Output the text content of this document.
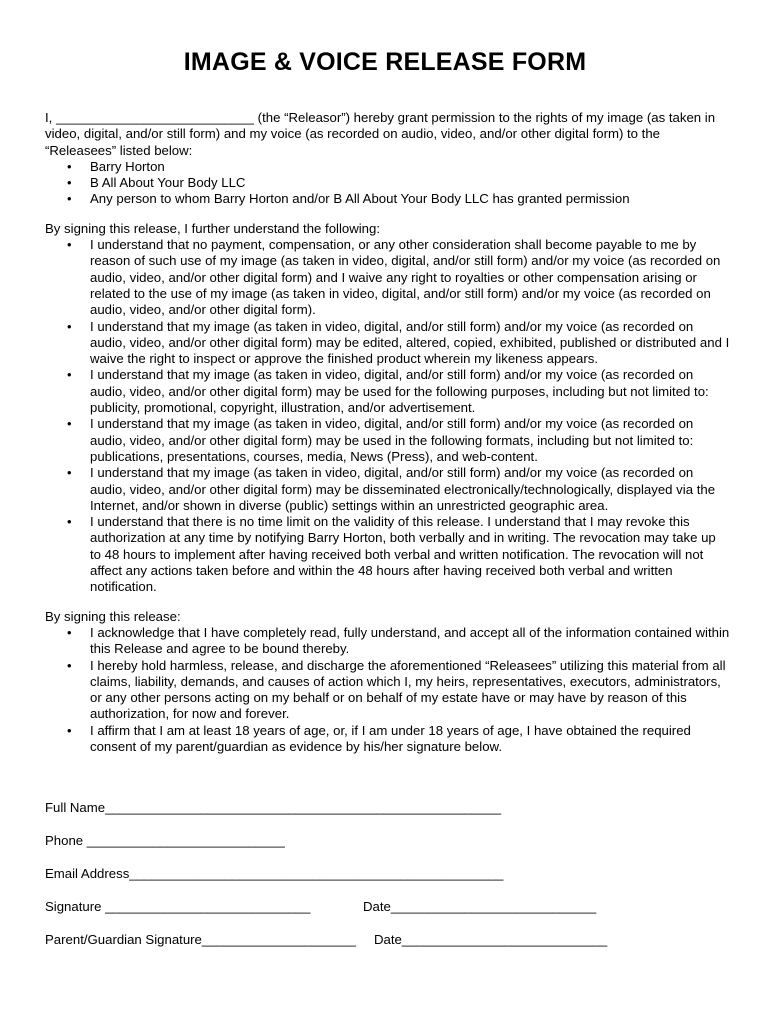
IMAGE & VOICE RELEASE FORM

I, ___________________________ (the “Releasor”) hereby grant permission to the rights of my image (as taken in video, digital, and/or still form) and my voice (as recorded on audio, video, and/or other digital form) to the “Releasees” listed below:

• Barry Horton
• B All About Your Body LLC
• Any person to whom Barry Horton and/or B All About Your Body LLC has granted permission

By signing this release, I further understand the following:

• I understand that no payment, compensation, or any other consideration shall become payable to me by reason of such use of my image (as taken in video, digital, and/or still form) and/or my voice (as recorded on audio, video, and/or other digital form) and I waive any right to royalties or other compensation arising or related to the use of my image (as taken in video, digital, and/or still form) and/or my voice (as recorded on audio, video, and/or other digital form).
• I understand that my image (as taken in video, digital, and/or still form) and/or my voice (as recorded on audio, video, and/or other digital form) may be edited, altered, copied, exhibited, published or distributed and I waive the right to inspect or approve the finished product wherein my likeness appears.
• I understand that my image (as taken in video, digital, and/or still form) and/or my voice (as recorded on audio, video, and/or other digital form) may be used for the following purposes, including but not limited to: publicity, promotional, copyright, illustration, and/or advertisement.
• I understand that my image (as taken in video, digital, and/or still form) and/or my voice (as recorded on audio, video, and/or other digital form) may be used in the following formats, including but not limited to: publications, presentations, courses, media, News (Press), and web-content.
• I understand that my image (as taken in video, digital, and/or still form) and/or my voice (as recorded on audio, video, and/or other digital form) may be disseminated electronically/technologically, displayed via the Internet, and/or shown in diverse (public) settings within an unrestricted geographic area.
• I understand that there is no time limit on the validity of this release. I understand that I may revoke this authorization at any time by notifying Barry Horton, both verbally and in writing. The revocation may take up to 48 hours to implement after having received both verbal and written notification. The revocation will not affect any actions taken before and within the 48 hours after having received both verbal and written notification.

By signing this release:

• I acknowledge that I have completely read, fully understand, and accept all of the information contained within this Release and agree to be bound thereby.
• I hereby hold harmless, release, and discharge the aforementioned “Releasees” utilizing this material from all claims, liability, demands, and causes of action which I, my heirs, representatives, executors, administrators, or any other persons acting on my behalf or on behalf of my estate have or may have by reason of this authorization, for now and forever.
• I affirm that I am at least 18 years of age, or, if I am under 18 years of age, I have obtained the required consent of my parent/guardian as evidence by his/her signature below.
Full Name______________________________________________________
Phone ___________________________
Email Address___________________________________________________
Signature ____________________________	Date____________________________
Parent/Guardian Signature_____________________ Date____________________________
